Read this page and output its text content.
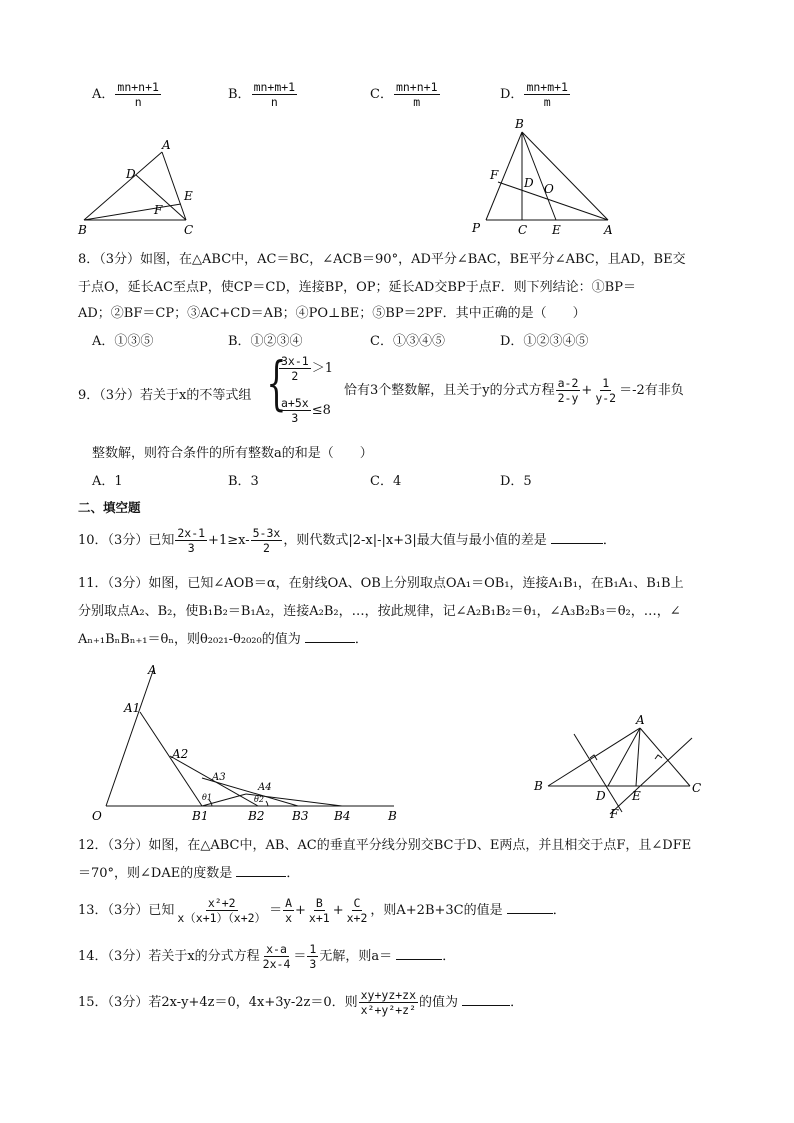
A． $\frac{mn+n+1}{n}$	B． $\frac{mn+m+1}{n}$	C． $\frac{mn+n+1}{m}$	D． $\frac{mn+m+1}{m}$
A
D
E
F
B	C
B
F
D O
P	C E	A
8．（3分）如图，在△ABC中，AC＝BC，∠ACB＝90°，AD平分∠BAC，BE平分∠ABC，且AD，BE交
于点O，延长AC至点P，使CP＝CD，连接BP，OP；延长AD交BP于点F．则下列结论：①BP＝
AD；②BF＝CP；③AC+CD＝AB；④PO⊥BE；⑤BP＝2PF．其中正确的是（　　）
A．①③⑤	B．①②③④	C．①③④⑤	D．①②③④⑤
9．（3分）若关于x的不等式组 {
$\frac{3x-1}{2} >1$
$\frac{a+5x}{3} \le 8$
恰有3个整数解，且关于y的分式方程 $\frac{a-2}{2-y} + \frac{1}{y-2} =-2$有非负
整数解，则符合条件的所有整数a的和是（　　）
A．1	B．3	C．4	D．5
二、填空题
10．（3分）已知 $\frac{2x-1}{3} +1\ge x- \frac{5-3x}{2}$ ，则代数式|2-x|-|x+3|最大值与最小值的差是	．
11．（3分）如图，已知∠AOB＝α，在射线OA、OB上分别取点OA₁＝OB₁，连接A₁B₁，在B₁A₁、B₁B上
分别取点A₂、B₂，使B₁B₂＝B₁A₂，连接A₂B₂，…，按此规律，记∠A₂B₁B₂＝θ₁，∠A₃B₂B₃＝θ₂，…，∠
Aₙ₊₁BₙBₙ₊₁＝θₙ，则θ₂₀₂₁-θ₂₀₂₀的值为	．
A
A1
A2
A3
A4
O	B1	B2 B3 B4	B
θ1	θ2
A
B
D E
C
F
12．（3分）如图，在△ABC中，AB、AC的垂直平分线分别交BC于D、E两点，并且相交于点F，且∠DFE
＝70°，则∠DAE的度数是	．
13．（3分）已知 $\frac{\text{x²+2}}{x(x+1)(x+2)} = \frac{A}{x} + \frac{B}{x+1} + \frac{C}{x+2}$ ，则A+2B+3C的值是	．
14．（3分）若关于x的分式方程 $\frac{x-a}{2x-4} = \frac{1}{3}$ 无解，则a＝	．
15．（3分）若2x-y+4z＝0，4x+3y-2z＝0．则 $\frac{xy+yz+zx}{\text{x²+y²+z²}}$ 的值为	．
